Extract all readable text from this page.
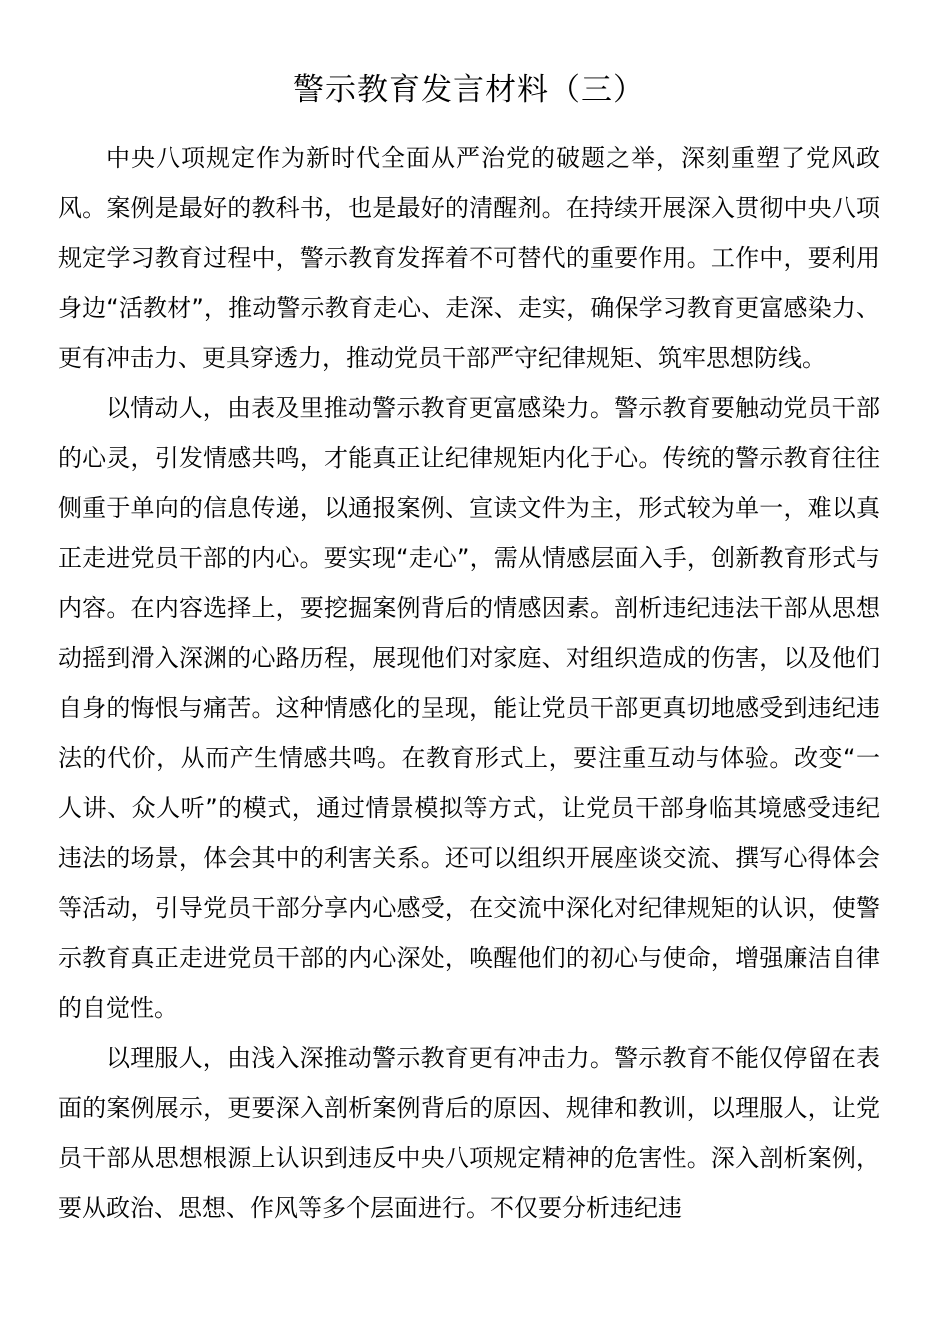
警示教育发言材料（三）

中央八项规定作为新时代全面从严治党的破题之举，深刻重塑了党风政风。案例是最好的教科书，也是最好的清醒剂。在持续开展深入贯彻中央八项规定学习教育过程中，警示教育发挥着不可替代的重要作用。工作中，要利用身边“活教材”，推动警示教育走心、走深、走实，确保学习教育更富感染力、更有冲击力、更具穿透力，推动党员干部严守纪律规矩、筑牢思想防线。

以情动人，由表及里推动警示教育更富感染力。警示教育要触动党员干部的心灵，引发情感共鸣，才能真正让纪律规矩内化于心。传统的警示教育往往侧重于单向的信息传递，以通报案例、宣读文件为主，形式较为单一，难以真正走进党员干部的内心。要实现“走心”，需从情感层面入手，创新教育形式与内容。在内容选择上，要挖掘案例背后的情感因素。剖析违纪违法干部从思想动摇到滑入深渊的心路历程，展现他们对家庭、对组织造成的伤害，以及他们自身的悔恨与痛苦。这种情感化的呈现，能让党员干部更真切地感受到违纪违法的代价，从而产生情感共鸣。在教育形式上，要注重互动与体验。改变“一人讲、众人听”的模式，通过情景模拟等方式，让党员干部身临其境感受违纪违法的场景，体会其中的利害关系。还可以组织开展座谈交流、撰写心得体会等活动，引导党员干部分享内心感受，在交流中深化对纪律规矩的认识，使警示教育真正走进党员干部的内心深处，唤醒他们的初心与使命，增强廉洁自律的自觉性。

以理服人，由浅入深推动警示教育更有冲击力。警示教育不能仅停留在表面的案例展示，更要深入剖析案例背后的原因、规律和教训，以理服人，让党员干部从思想根源上认识到违反中央八项规定精神的危害性。深入剖析案例，要从政治、思想、作风等多个层面进行。不仅要分析违纪违
